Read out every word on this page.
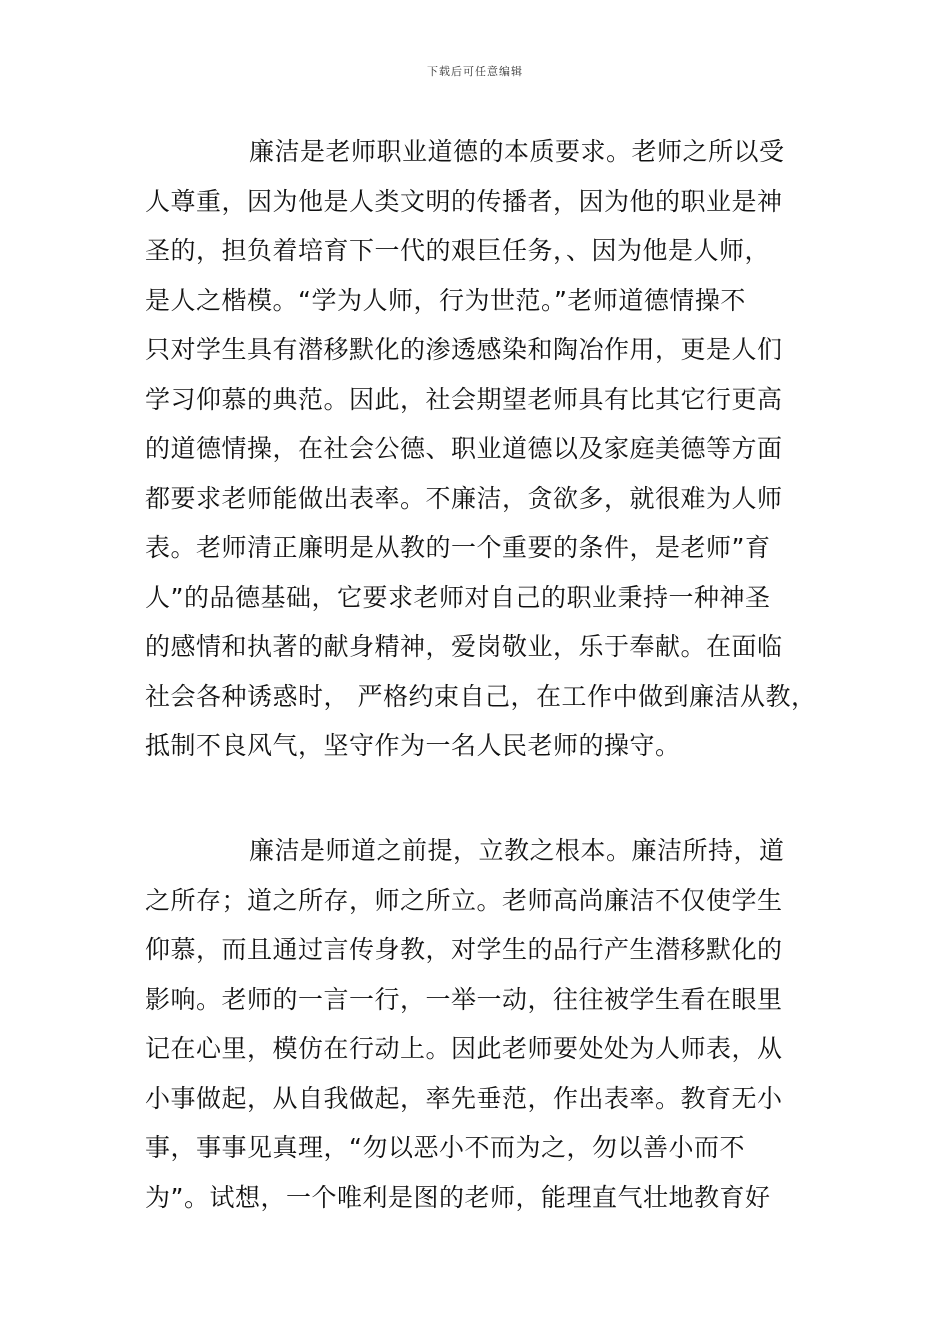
下载后可任意编辑
廉洁是老师职业道德的本质要求。老师之所以受
人尊重，因为他是人类文明的传播者，因为他的职业是神
圣的，担负着培育下一代的艰巨任务，、因为他是人师，
是人之楷模。“学为人师，行为世范。”老师道德情操不
只对学生具有潜移默化的渗透感染和陶冶作用，更是人们
学习仰慕的典范。因此，社会期望老师具有比其它行更高
的道德情操，在社会公德、职业道德以及家庭美德等方面
都要求老师能做出表率。不廉洁，贪欲多，就很难为人师
表。老师清正廉明是从教的一个重要的条件，是老师”育
人”的品德基础，它要求老师对自己的职业秉持一种神圣
的感情和执著的献身精神，爱岗敬业，乐于奉献。在面临
社会各种诱惑时， 严格约束自己，在工作中做到廉洁从教，
抵制不良风气，坚守作为一名人民老师的操守。
廉洁是师道之前提，立教之根本。廉洁所持，道
之所存；道之所存，师之所立。老师高尚廉洁不仅使学生
仰慕，而且通过言传身教，对学生的品行产生潜移默化的
影响。老师的一言一行，一举一动，往往被学生看在眼里
记在心里，模仿在行动上。因此老师要处处为人师表，从
小事做起，从自我做起，率先垂范，作出表率。教育无小
事，事事见真理，“勿以恶小不而为之，勿以善小而不
为”。试想，一个唯利是图的老师，能理直气壮地教育好
